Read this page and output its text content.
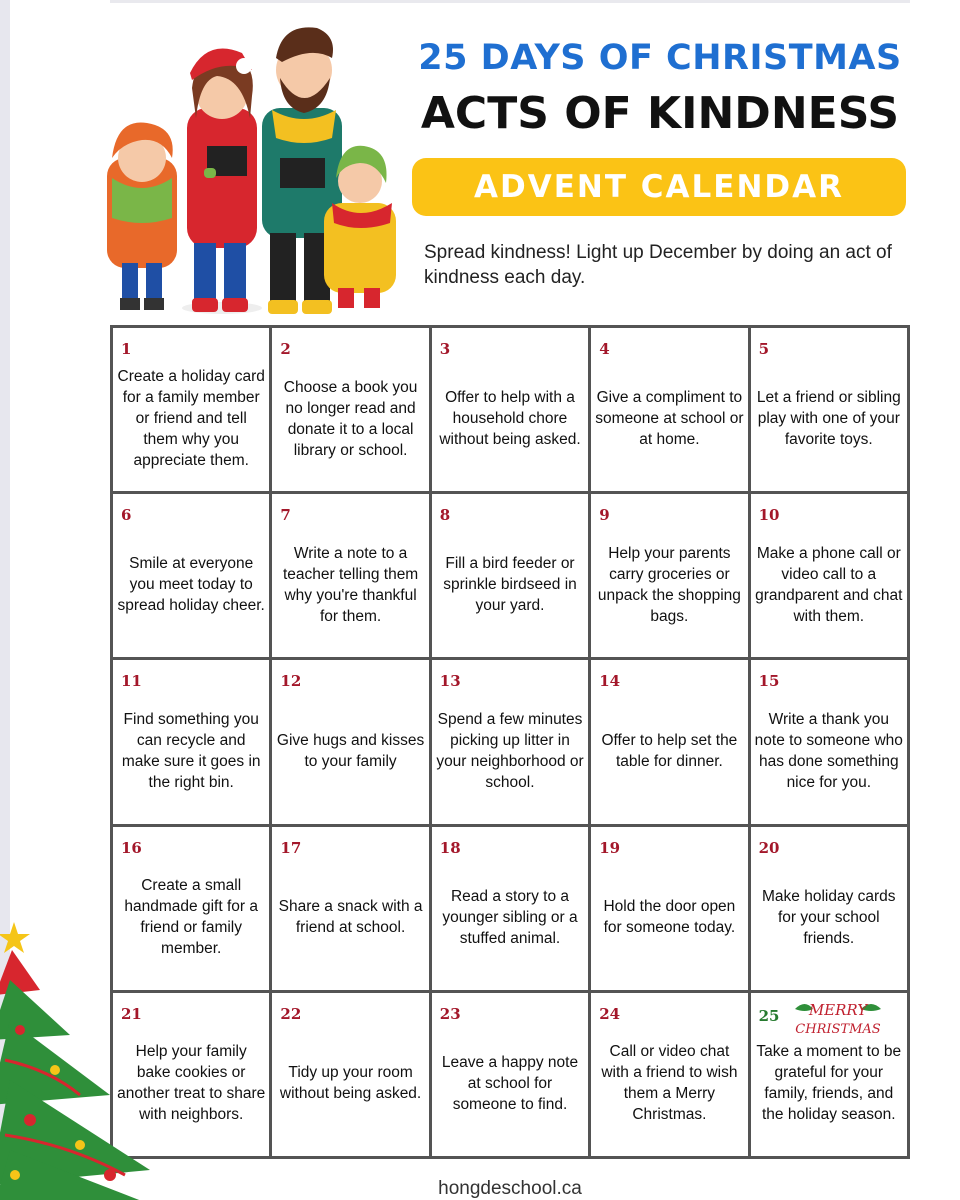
25 DAYS OF CHRISTMAS
ACTS OF KINDNESS
ADVENT CALENDAR
Spread kindness! Light up December by doing an act of kindness each day.
1
Create a holiday card for a family member or friend and tell them why you appreciate them.
2
Choose a book you no longer read and donate it to a local library or school.
3
Offer to help with a household chore without being asked.
4
Give a compliment to someone at school or at home.
5
Let a friend or sibling play with one of your favorite toys.
6
Smile at everyone you meet today to spread holiday cheer.
7
Write a note to a teacher telling them why you're thankful for them.
8
Fill a bird feeder or sprinkle birdseed in your yard.
9
Help your parents carry groceries or unpack the shopping bags.
10
Make a phone call or video call to a grandparent and chat with them.
11
Find something you can recycle and make sure it goes in the right bin.
12
Give hugs and kisses to your family
13
Spend a few minutes picking up litter in your neighborhood or school.
14
Offer to help set the table for dinner.
15
Write a thank you note to someone who has done something nice for you.
16
Create a small handmade gift for a friend or family member.
17
Share a snack with a friend at school.
18
Read a story to a younger sibling or a stuffed animal.
19
Hold the door open for someone today.
20
Make holiday cards for your school friends.
21
Help your family bake cookies or another treat to share with neighbors.
22
Tidy up your room without being asked.
23
Leave a happy note at school for someone to find.
24
Call or video chat with a friend to wish them a Merry Christmas.
25 MERRY
CHRISTMAS
Take a moment to be grateful for your family, friends, and the holiday season.
hongdeschool.ca
